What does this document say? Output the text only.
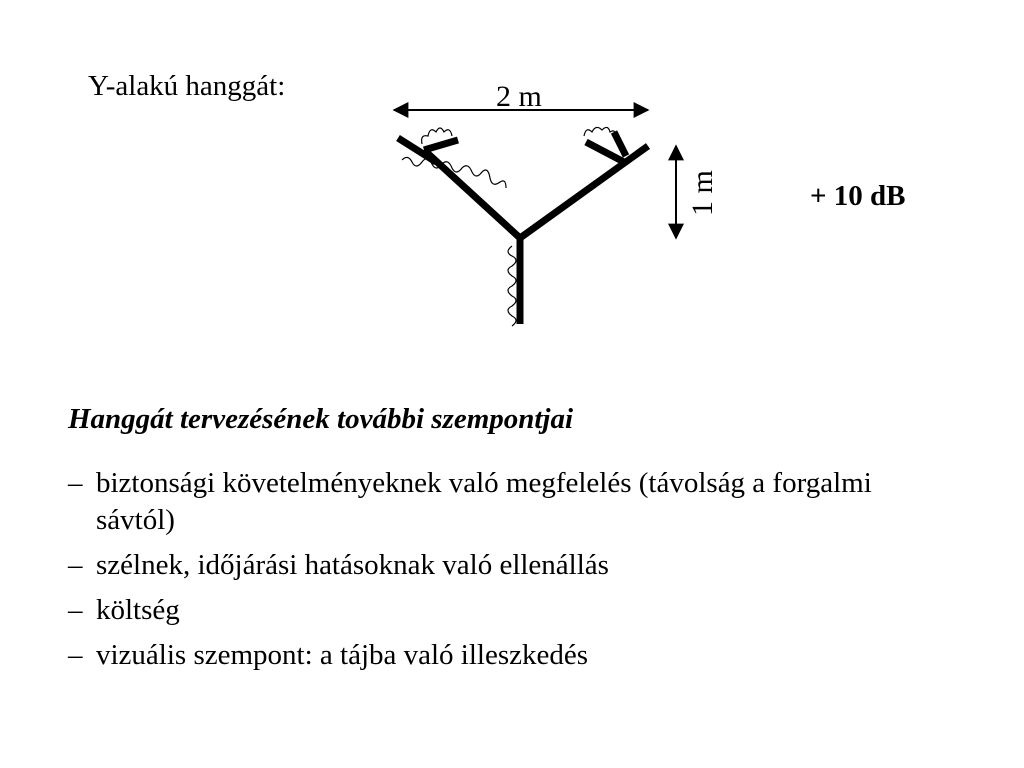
Y-alakú hanggát:	2 m
1 m	+ 10 dB
Hanggát tervezésének további szempontjai
– biztonsági követelményeknek való megfelelés (távolság a forgalmi sávtól)
– szélnek, időjárási hatásoknak való ellenállás
– költség
– vizuális szempont: a tájba való illeszkedés
